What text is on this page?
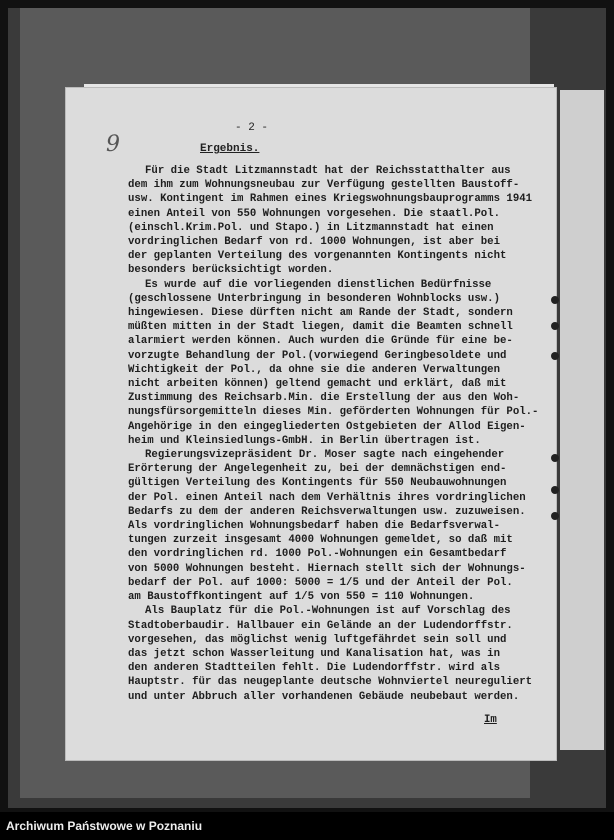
9
- 2 -
Ergebnis.
Für die Stadt Litzmannstadt hat der Reichsstatthalter aus
dem ihm zum Wohnungsneubau zur Verfügung gestellten Baustoff-
usw. Kontingent im Rahmen eines Kriegswohnungsbauprogramms 1941
einen Anteil von 550 Wohnungen vorgesehen. Die staatl.Pol.
(einschl.Krim.Pol. und Stapo.) in Litzmannstadt hat einen
vordringlichen Bedarf von rd. 1000 Wohnungen, ist aber bei
der geplanten Verteilung des vorgenannten Kontingents nicht
besonders berücksichtigt worden.
Es wurde auf die vorliegenden dienstlichen Bedürfnisse
(geschlossene Unterbringung in besonderen Wohnblocks usw.)
hingewiesen. Diese dürften nicht am Rande der Stadt, sondern
müßten mitten in der Stadt liegen, damit die Beamten schnell
alarmiert werden können. Auch wurden die Gründe für eine be-
vorzugte Behandlung der Pol.(vorwiegend Geringbesoldete und
Wichtigkeit der Pol., da ohne sie die anderen Verwaltungen
nicht arbeiten können) geltend gemacht und erklärt, daß mit
Zustimmung des Reichsarb.Min. die Erstellung der aus den Woh-
nungsfürsorgemitteln dieses Min. geförderten Wohnungen für Pol.-
Angehörige in den eingegliederten Ostgebieten der Allod Eigen-
heim und Kleinsiedlungs-GmbH. in Berlin übertragen ist.
Regierungsvizepräsident Dr. Moser sagte nach eingehender
Erörterung der Angelegenheit zu, bei der demnächstigen end-
gültigen Verteilung des Kontingents für 550 Neubauwohnungen
der Pol. einen Anteil nach dem Verhältnis ihres vordringlichen
Bedarfs zu dem der anderen Reichsverwaltungen usw. zuzuweisen.
Als vordringlichen Wohnungsbedarf haben die Bedarfsverwal-
tungen zurzeit insgesamt 4000 Wohnungen gemeldet, so daß mit
den vordringlichen rd. 1000 Pol.-Wohnungen ein Gesamtbedarf
von 5000 Wohnungen besteht. Hiernach stellt sich der Wohnungs-
bedarf der Pol. auf 1000: 5000 = 1/5 und der Anteil der Pol.
am Baustoffkontingent auf 1/5 von 550 = 110 Wohnungen.
Als Bauplatz für die Pol.-Wohnungen ist auf Vorschlag des
Stadtoberbaudir. Hallbauer ein Gelände an der Ludendorffstr.
vorgesehen, das möglichst wenig luftgefährdet sein soll und
das jetzt schon Wasserleitung und Kanalisation hat, was in
den anderen Stadtteilen fehlt. Die Ludendorffstr. wird als
Hauptstr. für das neugeplante deutsche Wohnviertel neureguliert
und unter Abbruch aller vorhandenen Gebäude neubebaut werden.
Im
Archiwum Państwowe w Poznaniu
